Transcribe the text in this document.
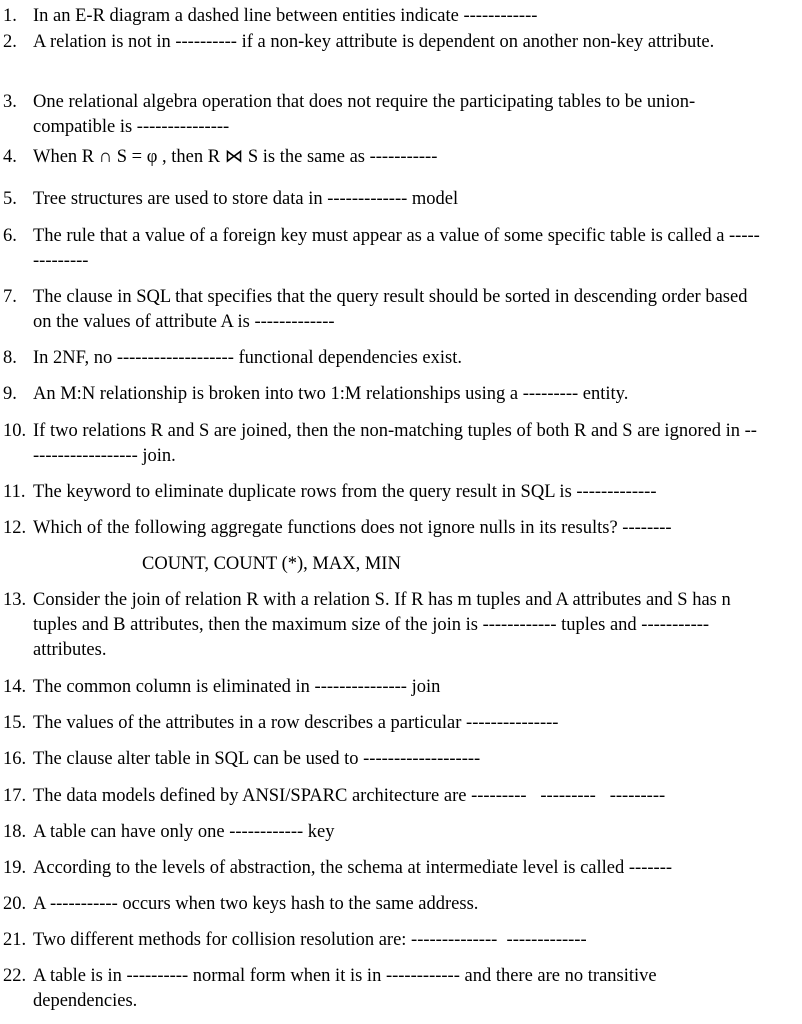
1. In an E-R diagram a dashed line between entities indicate ------------
2. A relation is not in ---------- if a non-key attribute is dependent on another non-key attribute.
3. One relational algebra operation that does not require the participating tables to be union-compatible is ---------------
4. When R ∩ S = φ , then R ⋈ S is the same as -----------
5. Tree structures are used to store data in ------------- model
6. The rule that a value of a foreign key must appear as a value of some specific table is called a --------------
7. The clause in SQL that specifies that the query result should be sorted in descending order based on the values of attribute A is -------------
8. In 2NF, no ------------------- functional dependencies exist.
9. An M:N relationship is broken into two 1:M relationships using a --------- entity.
10. If two relations R and S are joined, then the non-matching tuples of both R and S are ignored in ------------------- join.
11. The keyword to eliminate duplicate rows from the query result in SQL is -------------
12. Which of the following aggregate functions does not ignore nulls in its results? --------
COUNT, COUNT (*), MAX, MIN
13. Consider the join of relation R with a relation S. If R has m tuples and A attributes and S has n tuples and B attributes, then the maximum size of the join is ------------ tuples and ----------- attributes.
14. The common column is eliminated in --------------- join
15. The values of the attributes in a row describes a particular ---------------
16. The clause alter table in SQL can be used to -------------------
17. The data models defined by ANSI/SPARC architecture are ---------   ---------   ---------
18. A table can have only one ------------ key
19. According to the levels of abstraction, the schema at intermediate level is called -------
20. A ----------- occurs when two keys hash to the same address.
21. Two different methods for collision resolution are: --------------  -------------
22. A table is in ---------- normal form when it is in ------------ and there are no transitive dependencies.
